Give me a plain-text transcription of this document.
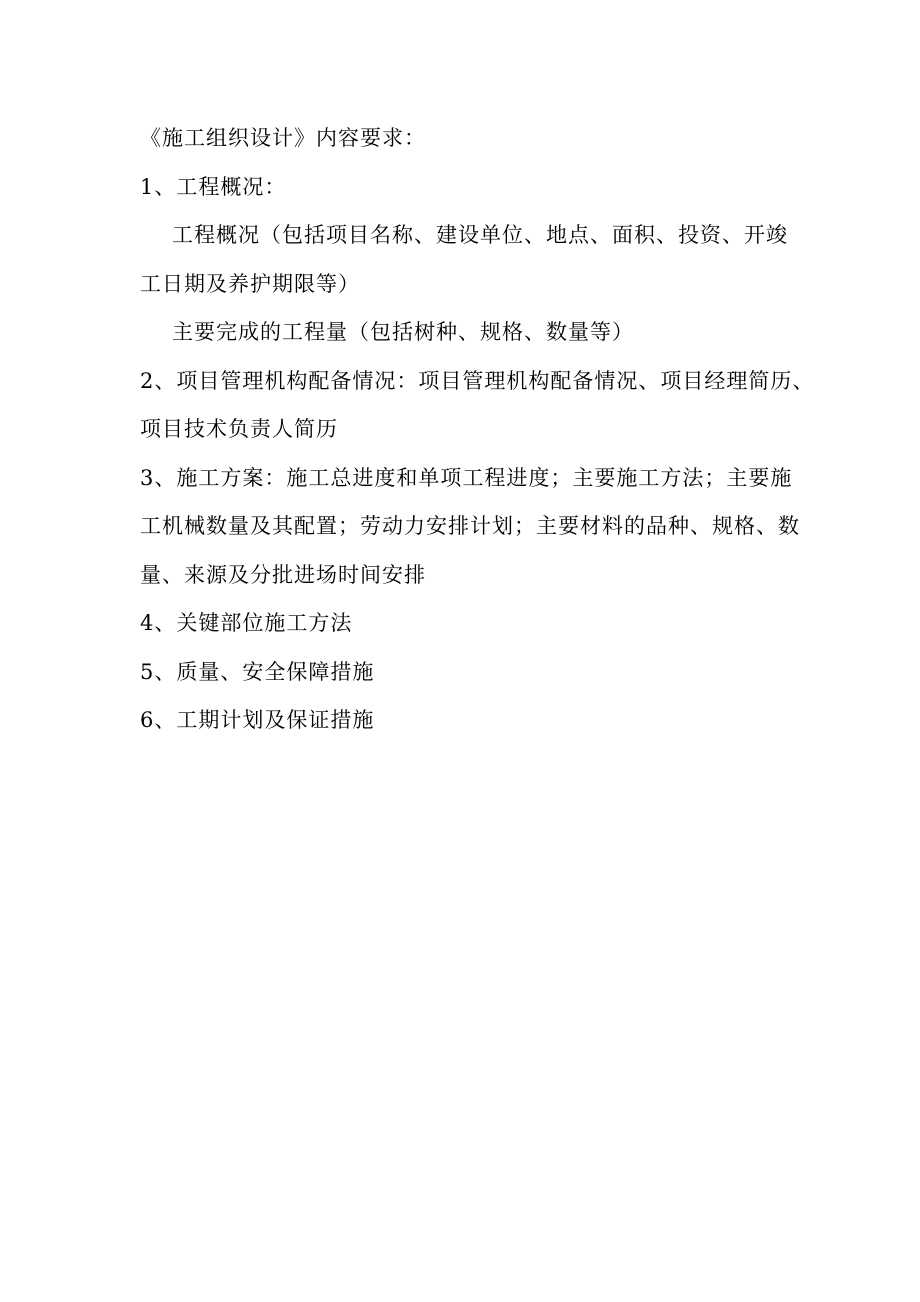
《施工组织设计》内容要求：

1、工程概况：

工程概况（包括项目名称、建设单位、地点、面积、投资、开竣

工日期及养护期限等）

主要完成的工程量（包括树种、规格、数量等）

2、项目管理机构配备情况：项目管理机构配备情况、项目经理简历、

项目技术负责人简历

3、施工方案：施工总进度和单项工程进度；主要施工方法；主要施

工机械数量及其配置；劳动力安排计划；主要材料的品种、规格、数

量、来源及分批进场时间安排

4、关键部位施工方法

5、质量、安全保障措施

6、工期计划及保证措施
